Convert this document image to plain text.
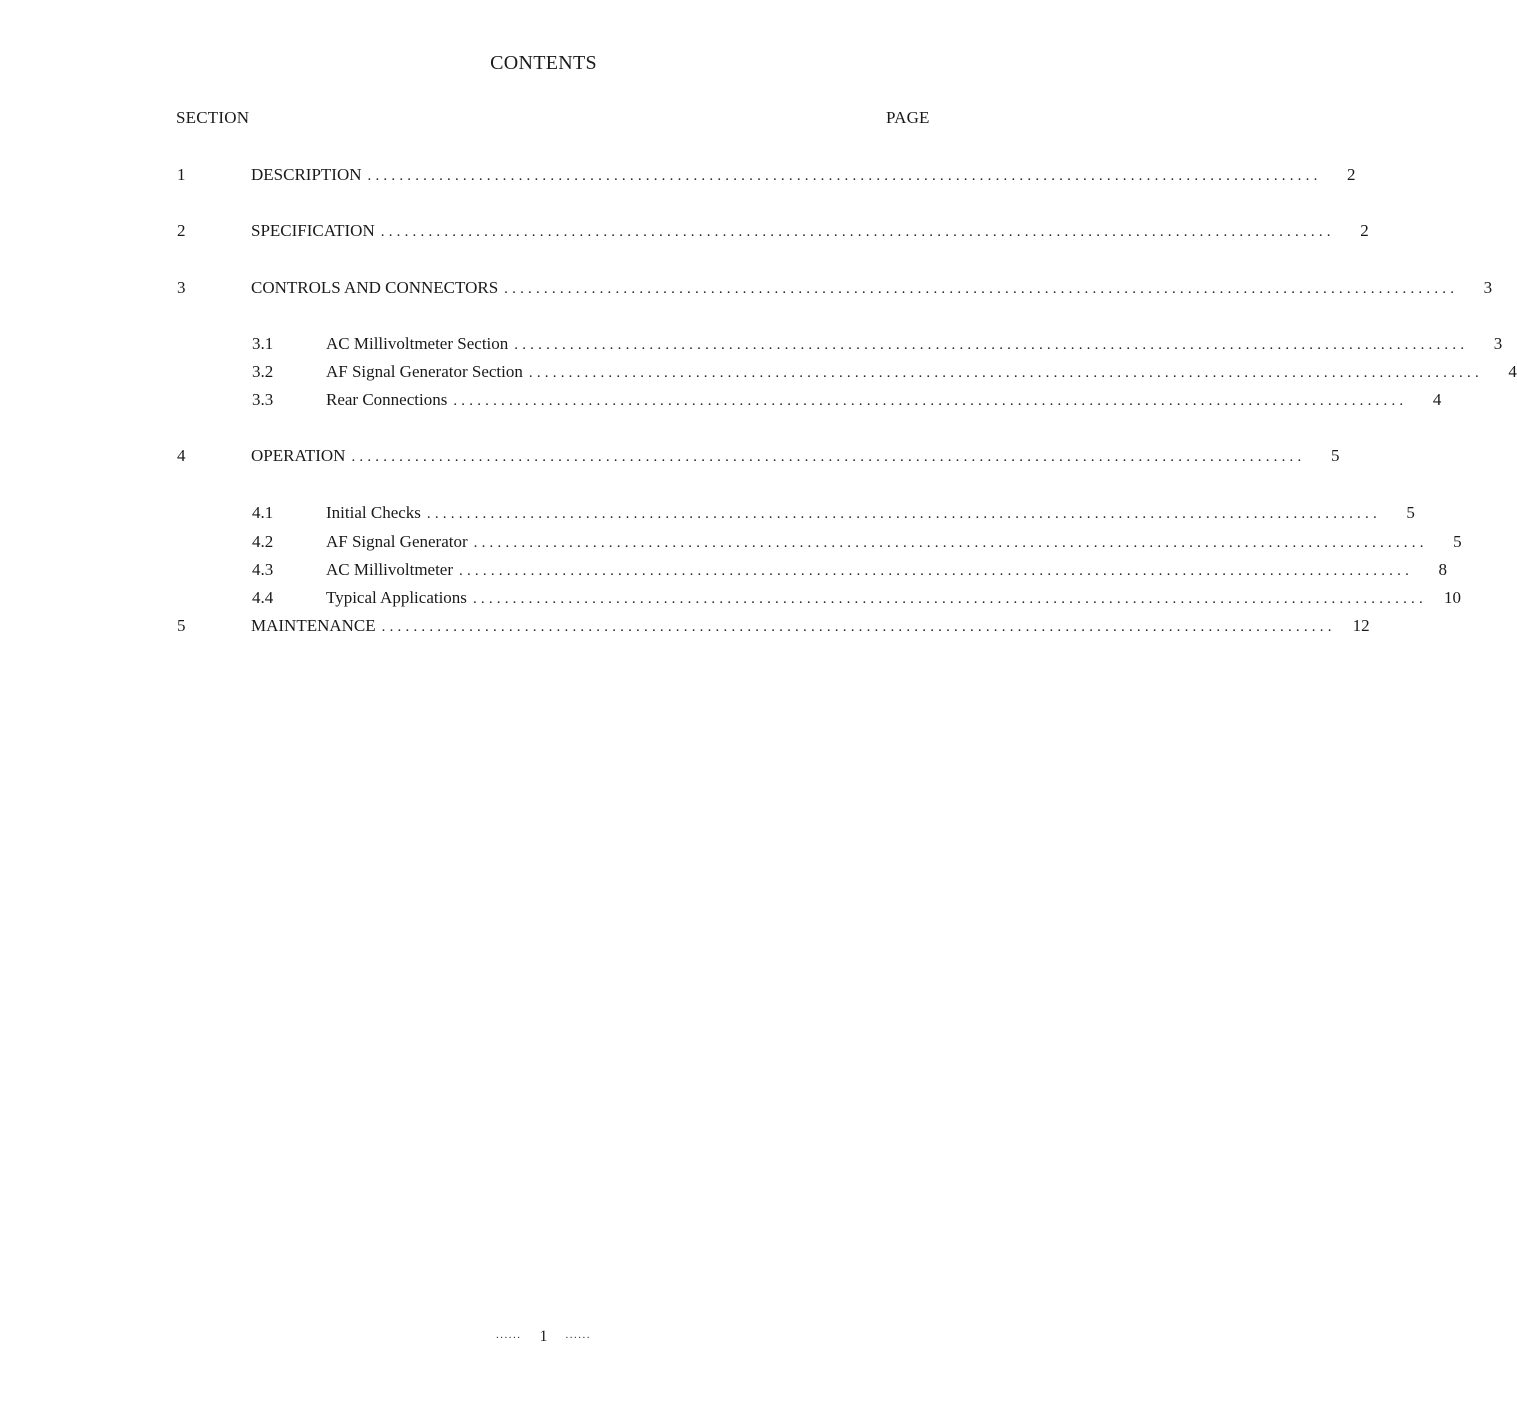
CONTENTS
SECTION	PAGE
1	DESCRIPTION ........................................................................................................................	2
2	SPECIFICATION ........................................................................................................................	2
3	CONTROLS AND CONNECTORS ........................................................................................................................	3
3.1	AC Millivoltmeter Section ........................................................................................................................	3
3.2	AF Signal Generator Section ........................................................................................................................	4
3.3	Rear Connections ........................................................................................................................	4
4	OPERATION ........................................................................................................................	5
4.1	Initial Checks ........................................................................................................................	5
4.2	AF Signal Generator ........................................................................................................................	5
4.3	AC Millivoltmeter ........................................................................................................................	8
4.4	Typical Applications ........................................................................................................................	10
5	MAINTENANCE ........................................................................................................................	12
...... 1 ......
